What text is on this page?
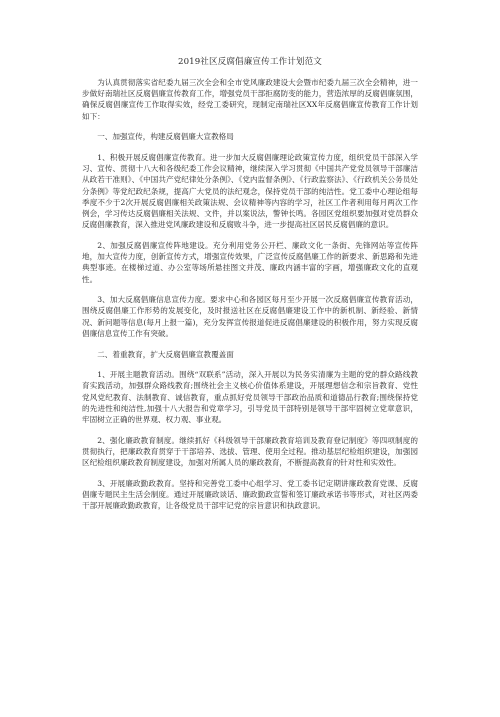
2019社区反腐倡廉宣传工作计划范文

为认真贯彻落实省纪委九届三次全会和全市党风廉政建设大会暨市纪委九届三次全会精神，进一步做好南瑞社区反腐倡廉宣传教育工作，增强党员干部拒腐防变的能力，营造浓厚的反腐倡廉氛围，确保反腐倡廉宣传工作取得实效，经党工委研究，现制定南瑞社区XX年反腐倡廉宣传教育工作计划如下：

一、加强宣传，构建反腐倡廉大宣教格局

1、积极开展反腐倡廉宣传教育。进一步加大反腐倡廉理论政策宣传力度，组织党员干部深入学习、宣传、贯彻十八大和各级纪委工作会议精神，继续深入学习贯彻《中国共产党党员领导干部廉洁从政若干准则》、《中国共产党纪律处分条例》、《党内监督条例》、《行政监察法》、《行政机关公务员处分条例》等党纪政纪条规，提高广大党员的法纪观念，保持党员干部的纯洁性。党工委中心理论组每季度不少于2次开展反腐倡廉相关政策法规、会议精神等内容的学习，社区工作者利用每月两次工作例会，学习传达反腐倡廉相关法规、文件，并以案说法，警钟长鸣。各园区党组织要加强对党员群众反腐倡廉教育，深入推进党风廉政建设和反腐败斗争，进一步提高社区居民反腐倡廉的意识。

2、加强反腐倡廉宣传阵地建设。充分利用党务公开栏、廉政文化一条街、先锋网站等宣传阵地，加大宣传力度，创新宣传方式，增强宣传效果，广泛宣传反腐倡廉工作的新要求、新思路和先进典型事迹。在楼梯过道、办公室等场所悬挂图文并茂、廉政内涵丰富的字画，增强廉政文化的直观性。

3、加大反腐倡廉信息宣传力度。要求中心和各园区每月至少开展一次反腐倡廉宣传教育活动，围绕反腐倡廉工作形势的发展变化，及时报送社区在反腐倡廉建设工作中的新机制、新经验、新情况、新问题等信息(每月上报一篇)，充分发挥宣传报道促进反腐倡廉建设的积极作用，努力实现反腐倡廉信息宣传工作有突破。

二、着重教育，扩大反腐倡廉宣教覆盖面

1、开展主题教育活动。围绕“双联系”活动，深入开展以为民务实清廉为主题的党的群众路线教育实践活动，加强群众路线教育;围绕社会主义核心价值体系建设，开展理想信念和宗旨教育、党性党风党纪教育、法制教育、诚信教育，重点抓好党员领导干部政治品质和道德品行教育;围绕保持党的先进性和纯洁性,加强十八大报告和党章学习，引导党员干部特别是领导干部牢固树立党章意识，牢固树立正确的世界观、权力观、事业观。

2、强化廉政教育制度。继续抓好《科级领导干部廉政教育培训及教育登记制度》等四项制度的贯彻执行，把廉政教育贯穿于干部培养、选拔、管理、使用全过程。推动基层纪检组织建设，加强园区纪检组织廉政教育制度建设，加强对所属人员的廉政教育，不断提高教育的针对性和实效性。

3、开展廉政勤政教育。坚持和完善党工委中心组学习、党工委书记定期讲廉政教育党课、反腐倡廉专题民主生活会制度。通过开展廉政谈话、廉政勤政宣誓和签订廉政承诺书等形式，对社区两委干部开展廉政勤政教育，让各级党员干部牢记党的宗旨意识和执政意识。
